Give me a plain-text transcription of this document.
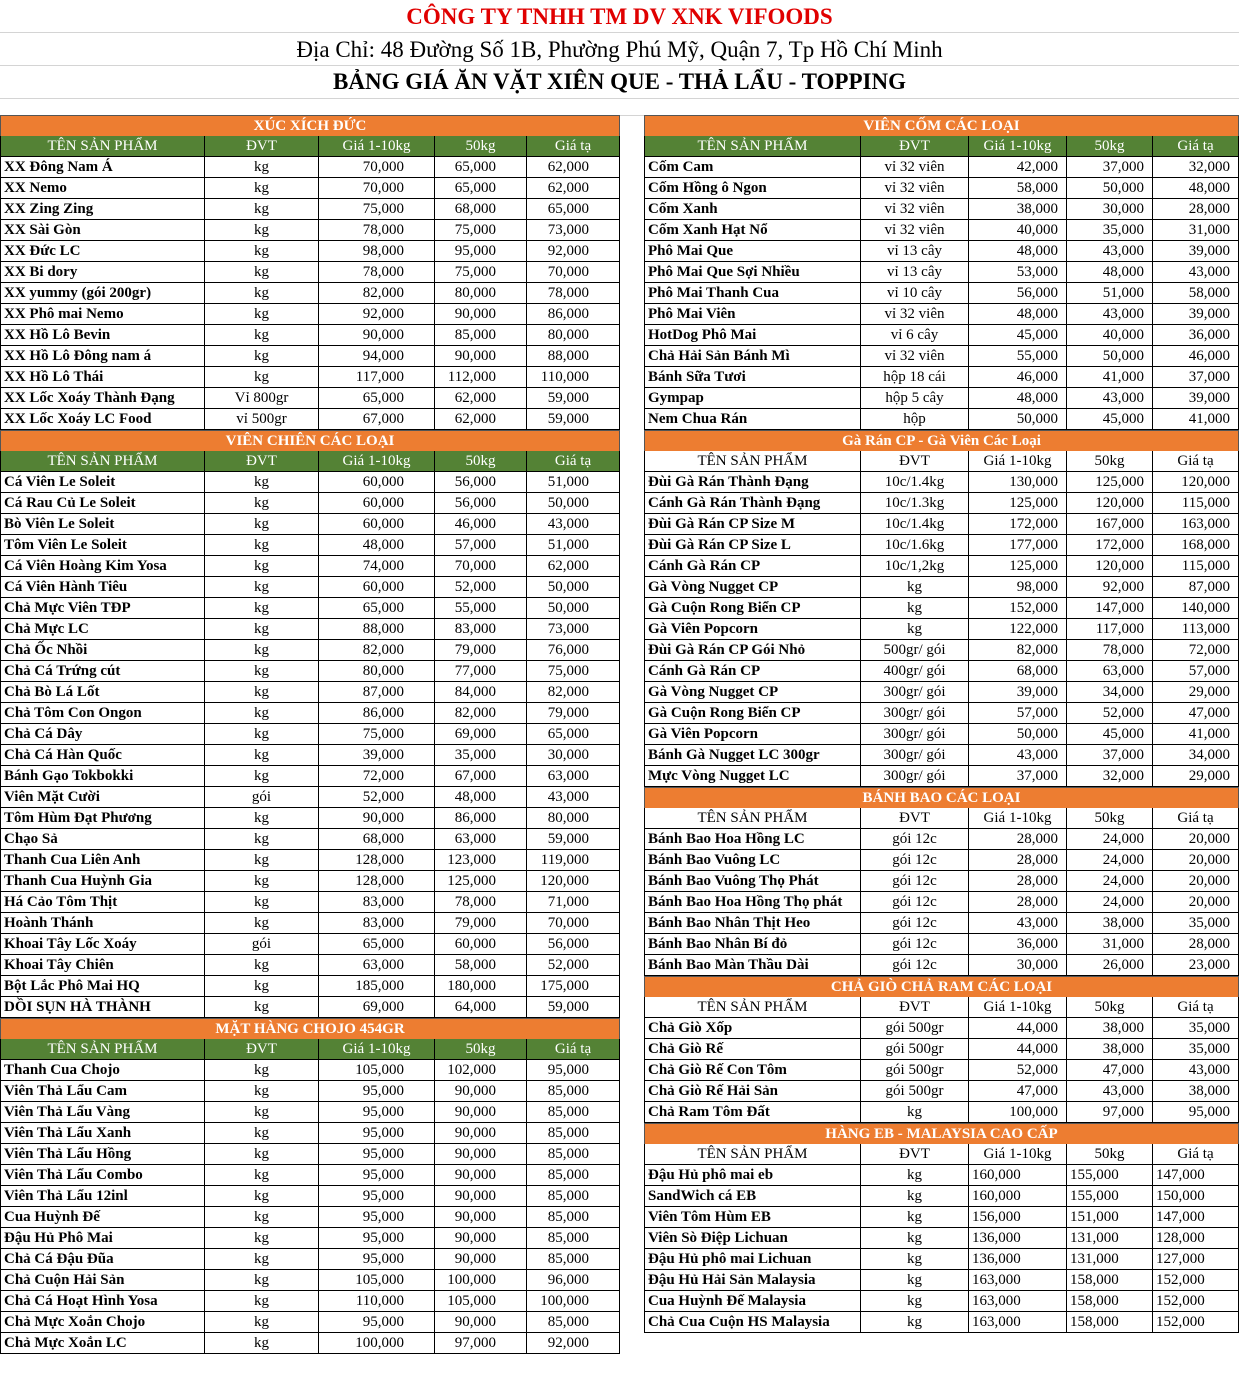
CÔNG TY TNHH TM DV XNK VIFOODS
Địa Chỉ: 48 Đường Số 1B, Phường Phú Mỹ, Quận 7, Tp Hồ Chí Minh
BẢNG GIÁ ĂN VẶT XIÊN QUE - THẢ LẨU - TOPPING
XÚC XÍCH ĐỨC
TÊN SẢN PHẨM	ĐVT	Giá 1-10kg	50kg	Giá tạ
XX Đông Nam Á	kg	70,000	65,000	62,000
XX Nemo	kg	70,000	65,000	62,000
XX Zing Zing	kg	75,000	68,000	65,000
XX Sài Gòn	kg	78,000	75,000	73,000
XX Đức LC	kg	98,000	95,000	92,000
XX Bi dory	kg	78,000	75,000	70,000
XX yummy (gói 200gr)	kg	82,000	80,000	78,000
XX Phô mai Nemo	kg	92,000	90,000	86,000
XX Hồ Lô Bevin	kg	90,000	85,000	80,000
XX Hồ Lô Đông nam á	kg	94,000	90,000	88,000
XX Hồ Lô Thái	kg	117,000	112,000	110,000
XX Lốc Xoáy Thành Đạng	Vỉ 800gr	65,000	62,000	59,000
XX Lốc Xoáy LC Food	vỉ 500gr	67,000	62,000	59,000
VIÊN CHIÊN CÁC LOẠI
TÊN SẢN PHẨM	ĐVT	Giá 1-10kg	50kg	Giá tạ
Cá Viên Le Soleit	kg	60,000	56,000	51,000
Cá Rau Củ Le Soleit	kg	60,000	56,000	50,000
Bò Viên Le Soleit	kg	60,000	46,000	43,000
Tôm Viên Le Soleit	kg	48,000	57,000	51,000
Cá Viên Hoàng Kim Yosa	kg	74,000	70,000	62,000
Cá Viên Hành Tiêu	kg	60,000	52,000	50,000
Chả Mực Viên TĐP	kg	65,000	55,000	50,000
Chả Mực LC	kg	88,000	83,000	73,000
Chả Ốc Nhồi	kg	82,000	79,000	76,000
Chả Cá Trứng cút	kg	80,000	77,000	75,000
Chả Bò Lá Lốt	kg	87,000	84,000	82,000
Chả Tôm Con Ongon	kg	86,000	82,000	79,000
Chả Cá Dây	kg	75,000	69,000	65,000
Chả Cá Hàn Quốc	kg	39,000	35,000	30,000
Bánh Gạo Tokbokki	kg	72,000	67,000	63,000
Viên Mặt Cười	gói	52,000	48,000	43,000
Tôm Hùm Đạt Phương	kg	90,000	86,000	80,000
Chạo Sả	kg	68,000	63,000	59,000
Thanh Cua Liên Anh	kg	128,000	123,000	119,000
Thanh Cua Huỳnh Gia	kg	128,000	125,000	120,000
Há Cảo Tôm Thịt	kg	83,000	78,000	71,000
Hoành Thánh	kg	83,000	79,000	70,000
Khoai Tây Lốc Xoáy	gói	65,000	60,000	56,000
Khoai Tây Chiên	kg	63,000	58,000	52,000
Bột Lắc Phô Mai HQ	kg	185,000	180,000	175,000
DỒI SỤN HÀ THÀNH	kg	69,000	64,000	59,000
MẶT HÀNG CHOJO 454GR
TÊN SẢN PHẨM	ĐVT	Giá 1-10kg	50kg	Giá tạ
Thanh Cua Chojo	kg	105,000	102,000	95,000
Viên Thả Lẩu Cam	kg	95,000	90,000	85,000
Viên Thả Lẩu Vàng	kg	95,000	90,000	85,000
Viên Thả Lẩu Xanh	kg	95,000	90,000	85,000
Viên Thả Lẩu Hồng	kg	95,000	90,000	85,000
Viên Thả Lẩu Combo	kg	95,000	90,000	85,000
Viên Thả Lẩu 12inl	kg	95,000	90,000	85,000
Cua Huỳnh Đế	kg	95,000	90,000	85,000
Đậu Hủ Phô Mai	kg	95,000	90,000	85,000
Chả Cá Đậu Đũa	kg	95,000	90,000	85,000
Chả Cuộn Hải Sản	kg	105,000	100,000	96,000
Chả Cá Hoạt Hình Yosa	kg	110,000	105,000	100,000
Chả Mực Xoắn Chojo	kg	95,000	90,000	85,000
Chả Mực Xoắn LC	kg	100,000	97,000	92,000
VIÊN CỐM CÁC LOẠI
TÊN SẢN PHẨM	ĐVT	Giá 1-10kg	50kg	Giá tạ
Cốm Cam	vỉ 32 viên	42,000	37,000	32,000
Cốm Hồng ô Ngon	vỉ 32 viên	58,000	50,000	48,000
Cốm Xanh	vỉ 32 viên	38,000	30,000	28,000
Cốm Xanh Hạt Nổ	vỉ 32 viên	40,000	35,000	31,000
Phô Mai Que	vỉ 13 cây	48,000	43,000	39,000
Phô Mai Que Sợi Nhiều	vỉ 13 cây	53,000	48,000	43,000
Phô Mai Thanh Cua	vỉ 10 cây	56,000	51,000	58,000
Phô Mai Viên	vỉ 32 viên	48,000	43,000	39,000
HotDog Phô Mai	vỉ 6 cây	45,000	40,000	36,000
Chả Hải Sản Bánh Mì	vỉ 32 viên	55,000	50,000	46,000
Bánh Sữa Tươi	hộp 18 cái	46,000	41,000	37,000
Gympap	hộp 5 cây	48,000	43,000	39,000
Nem Chua Rán	hộp	50,000	45,000	41,000
Gà Rán CP - Gà Viên Các Loại
TÊN SẢN PHẨM	ĐVT	Giá 1-10kg	50kg	Giá tạ
Đùi Gà Rán Thành Đạng	10c/1.4kg	130,000	125,000	120,000
Cánh Gà Rán Thành Đạng	10c/1.3kg	125,000	120,000	115,000
Đùi Gà Rán CP Size M	10c/1.4kg	172,000	167,000	163,000
Đùi Gà Rán CP Size L	10c/1.6kg	177,000	172,000	168,000
Cánh Gà Rán CP	10c/1,2kg	125,000	120,000	115,000
Gà Vòng Nugget CP	kg	98,000	92,000	87,000
Gà Cuộn Rong Biển CP	kg	152,000	147,000	140,000
Gà Viên Popcorn	kg	122,000	117,000	113,000
Đùi Gà Rán CP Gói Nhỏ	500gr/ gói	82,000	78,000	72,000
Cánh Gà Rán CP	400gr/ gói	68,000	63,000	57,000
Gà Vòng Nugget CP	300gr/ gói	39,000	34,000	29,000
Gà Cuộn Rong Biển CP	300gr/ gói	57,000	52,000	47,000
Gà Viên Popcorn	300gr/ gói	50,000	45,000	41,000
Bánh Gà Nugget LC 300gr	300gr/ gói	43,000	37,000	34,000
Mực Vòng Nugget LC	300gr/ gói	37,000	32,000	29,000
BÁNH BAO CÁC LOẠI
TÊN SẢN PHẨM	ĐVT	Giá 1-10kg	50kg	Giá tạ
Bánh Bao Hoa Hồng LC	gói 12c	28,000	24,000	20,000
Bánh Bao Vuông LC	gói 12c	28,000	24,000	20,000
Bánh Bao Vuông Thọ Phát	gói 12c	28,000	24,000	20,000
Bánh Bao Hoa Hồng Thọ phát	gói 12c	28,000	24,000	20,000
Bánh Bao Nhân Thịt Heo	gói 12c	43,000	38,000	35,000
Bánh Bao Nhân Bí đỏ	gói 12c	36,000	31,000	28,000
Bánh Bao Màn Thầu Dài	gói 12c	30,000	26,000	23,000
CHẢ GIÒ CHẢ RAM CÁC LOẠI
TÊN SẢN PHẨM	ĐVT	Giá 1-10kg	50kg	Giá tạ
Chả Giò Xốp	gói 500gr	44,000	38,000	35,000
Chả Giò Rế	gói 500gr	44,000	38,000	35,000
Chả Giò Rế Con Tôm	gói 500gr	52,000	47,000	43,000
Chả Giò Rế Hải Sản	gói 500gr	47,000	43,000	38,000
Chả Ram Tôm Đất	kg	100,000	97,000	95,000
HÀNG EB - MALAYSIA CAO CẤP
TÊN SẢN PHẨM	ĐVT	Giá 1-10kg	50kg	Giá tạ
Đậu Hủ phô mai eb	kg	160,000	155,000	147,000
SandWich cá EB	kg	160,000	155,000	150,000
Viên Tôm Hùm EB	kg	156,000	151,000	147,000
Viên Sò Điệp Lichuan	kg	136,000	131,000	128,000
Đậu Hủ phô mai Lichuan	kg	136,000	131,000	127,000
Đậu Hủ Hải Sản Malaysia	kg	163,000	158,000	152,000
Cua Huỳnh Đế Malaysia	kg	163,000	158,000	152,000
Chả Cua Cuộn HS Malaysia	kg	163,000	158,000	152,000
